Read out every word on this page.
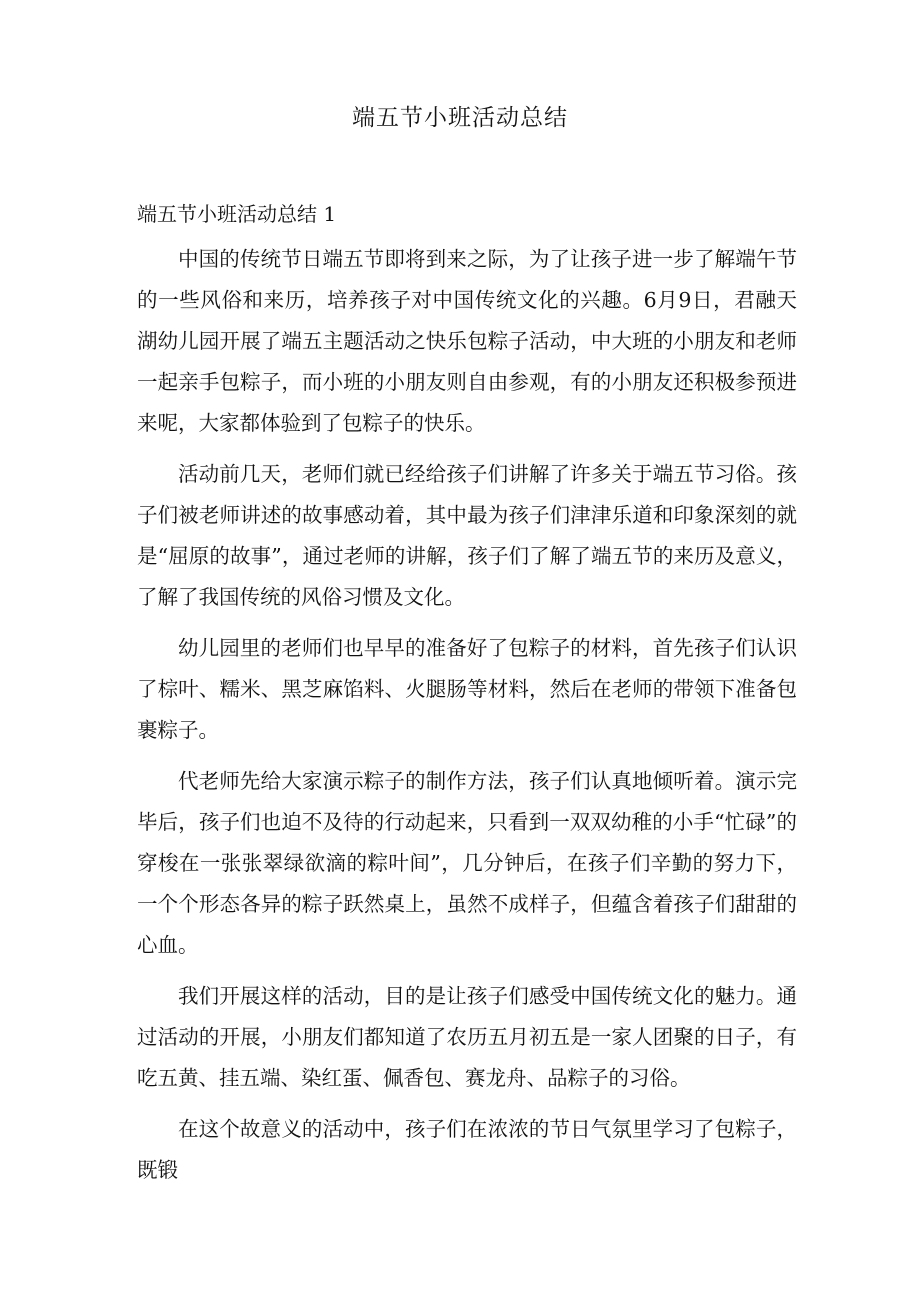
端五节小班活动总结
端五节小班活动总结 1

中国的传统节日端五节即将到来之际，为了让孩子进一步了解端午节的一些风俗和来历，培养孩子对中国传统文化的兴趣。6月9日，君融天湖幼儿园开展了端五主题活动之快乐包粽子活动，中大班的小朋友和老师一起亲手包粽子，而小班的小朋友则自由参观，有的小朋友还积极参预进来呢，大家都体验到了包粽子的快乐。

活动前几天，老师们就已经给孩子们讲解了许多关于端五节习俗。孩子们被老师讲述的故事感动着，其中最为孩子们津津乐道和印象深刻的就是“屈原的故事”，通过老师的讲解，孩子们了解了端五节的来历及意义，了解了我国传统的风俗习惯及文化。

幼儿园里的老师们也早早的准备好了包粽子的材料，首先孩子们认识了棕叶、糯米、黑芝麻馅料、火腿肠等材料，然后在老师的带领下准备包裹粽子。

代老师先给大家演示粽子的制作方法，孩子们认真地倾听着。演示完毕后，孩子们也迫不及待的行动起来，只看到一双双幼稚的小手“忙碌”的穿梭在一张张翠绿欲滴的粽叶间”，几分钟后，在孩子们辛勤的努力下，一个个形态各异的粽子跃然桌上，虽然不成样子，但蕴含着孩子们甜甜的心血。

我们开展这样的活动，目的是让孩子们感受中国传统文化的魅力。通过活动的开展，小朋友们都知道了农历五月初五是一家人团聚的日子，有吃五黄、挂五端、染红蛋、佩香包、赛龙舟、品粽子的习俗。

在这个故意义的活动中，孩子们在浓浓的节日气氛里学习了包粽子，既锻
